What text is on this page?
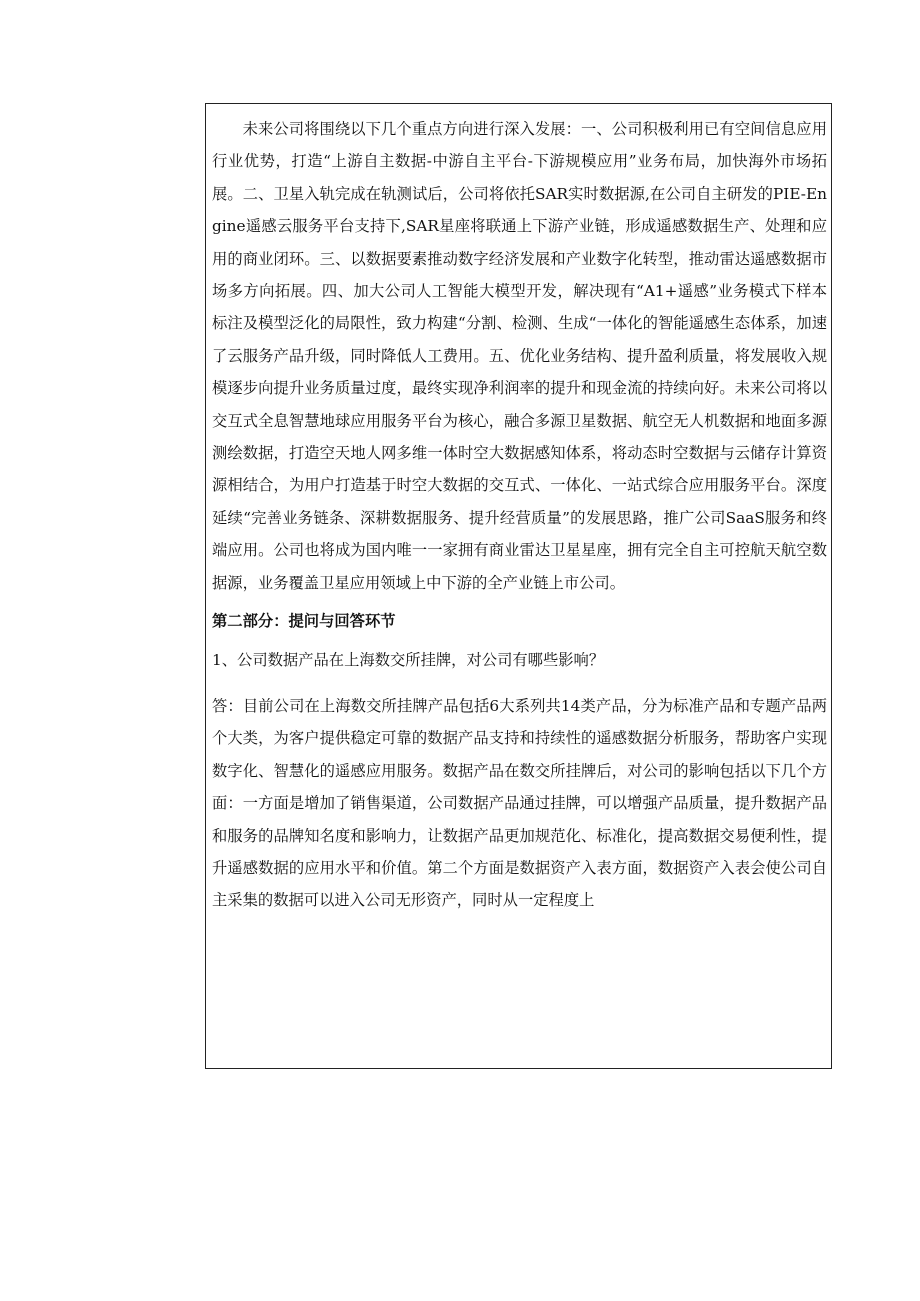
未来公司将围绕以下几个重点方向进行深入发展：一、公司积极利用已有空间信息应用行业优势，打造“上游自主数据-中游自主平台-下游规模应用”业务布局，加快海外市场拓展。二、卫星入轨完成在轨测试后，公司将依托SAR实时数据源,在公司自主研发的PIE-Engine遥感云服务平台支持下,SAR星座将联通上下游产业链，形成遥感数据生产、处理和应用的商业闭环。三、以数据要素推动数字经济发展和产业数字化转型，推动雷达遥感数据市场多方向拓展。四、加大公司人工智能大模型开发，解决现有“A1+遥感”业务模式下样本标注及模型泛化的局限性，致力构建“分割、检测、生成“一体化的智能遥感生态体系，加速了云服务产品升级，同时降低人工费用。五、优化业务结构、提升盈利质量，将发展收入规模逐步向提升业务质量过度，最终实现净利润率的提升和现金流的持续向好。未来公司将以交互式全息智慧地球应用服务平台为核心，融合多源卫星数据、航空无人机数据和地面多源测绘数据，打造空天地人网多维一体时空大数据感知体系，将动态时空数据与云储存计算资源相结合，为用户打造基于时空大数据的交互式、一体化、一站式综合应用服务平台。深度延续“完善业务链条、深耕数据服务、提升经营质量”的发展思路，推广公司SaaS服务和终端应用。公司也将成为国内唯一一家拥有商业雷达卫星星座，拥有完全自主可控航天航空数据源，业务覆盖卫星应用领域上中下游的全产业链上市公司。

第二部分：提问与回答环节

1、公司数据产品在上海数交所挂牌，对公司有哪些影响？

答：目前公司在上海数交所挂牌产品包括6大系列共14类产品，分为标准产品和专题产品两个大类，为客户提供稳定可靠的数据产品支持和持续性的遥感数据分析服务，帮助客户实现数字化、智慧化的遥感应用服务。数据产品在数交所挂牌后，对公司的影响包括以下几个方面：一方面是增加了销售渠道，公司数据产品通过挂牌，可以增强产品质量，提升数据产品和服务的品牌知名度和影响力，让数据产品更加规范化、标准化，提高数据交易便利性，提升遥感数据的应用水平和价值。第二个方面是数据资产入表方面，数据资产入表会使公司自主采集的数据可以进入公司无形资产，同时从一定程度上
